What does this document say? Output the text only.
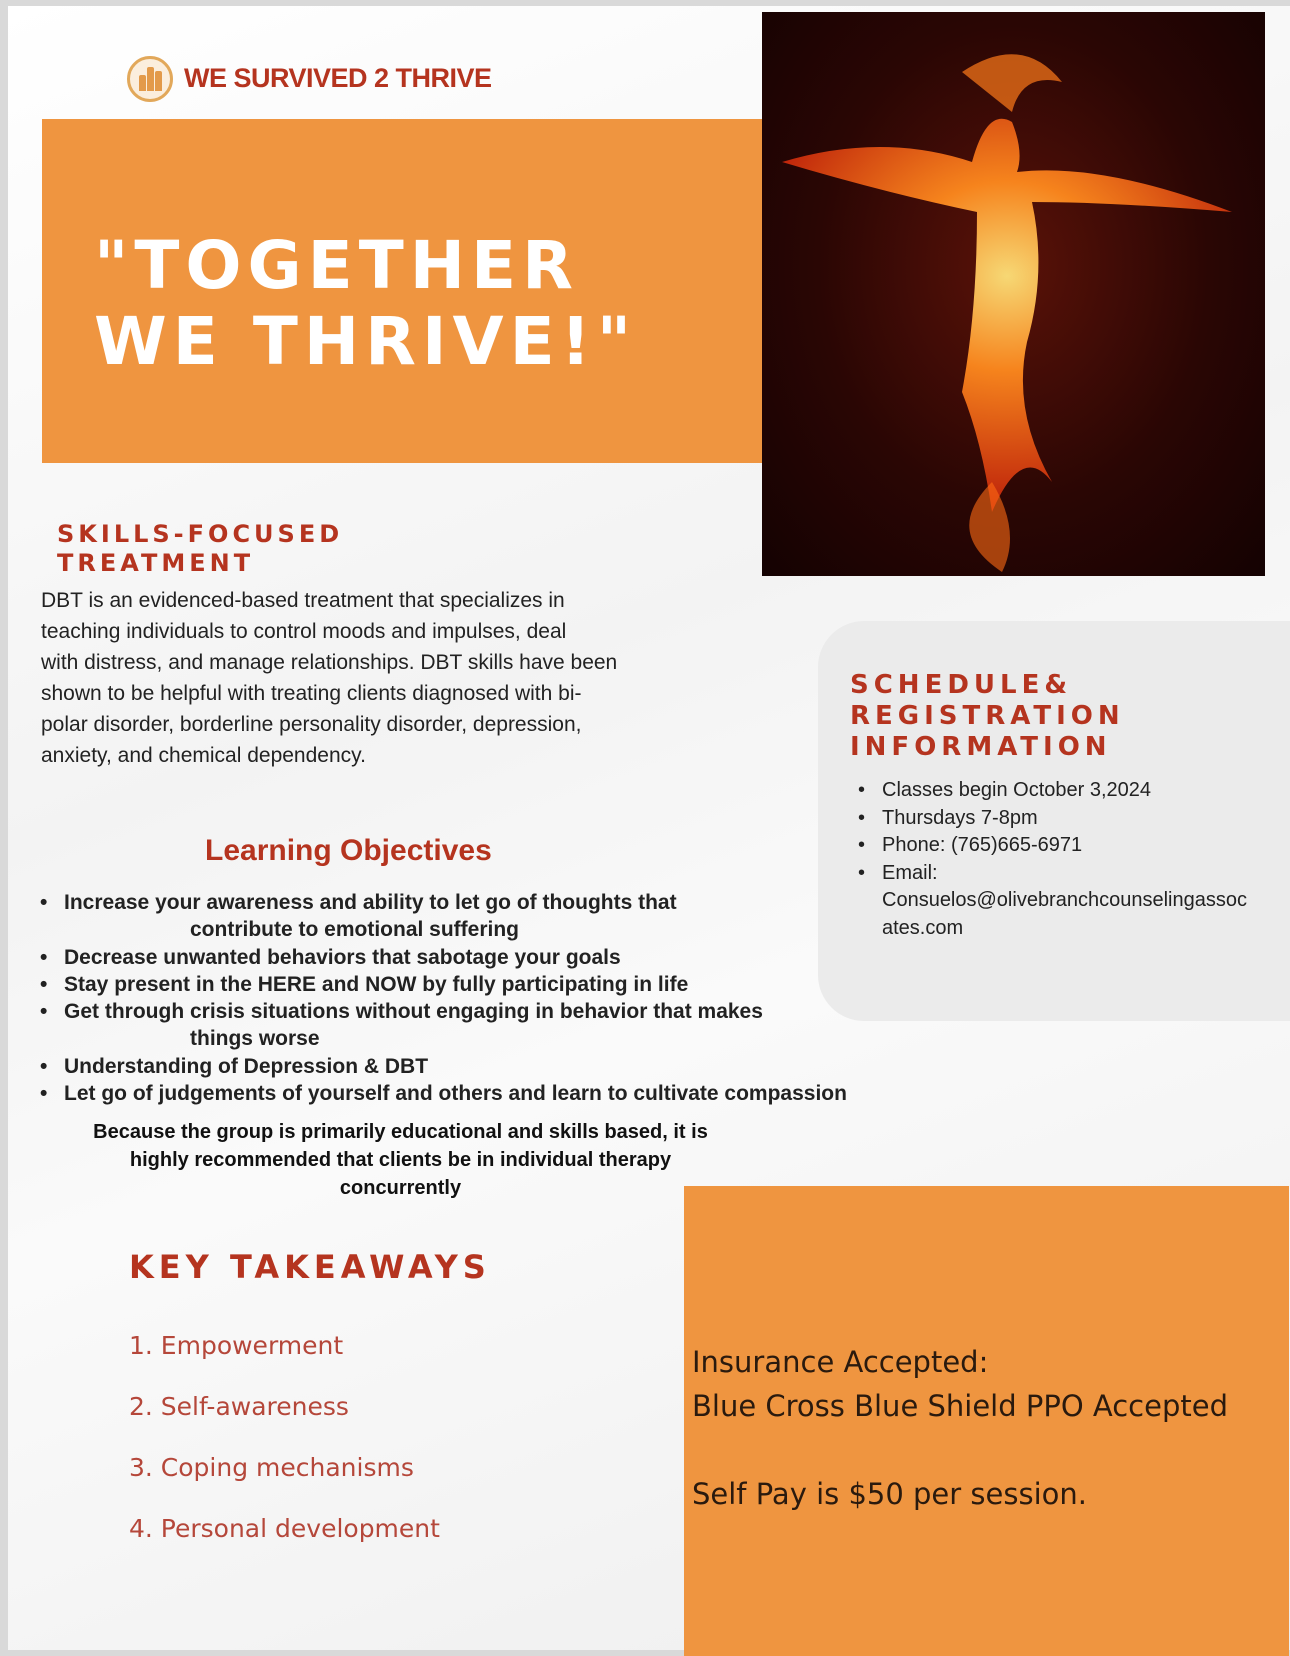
WE SURVIVED 2 THRIVE
"TOGETHER
WE THRIVE!"
SKILLS-FOCUSED
TREATMENT
DBT is an evidenced-based treatment that specializes in
teaching individuals to control moods and impulses, deal
with distress, and manage relationships. DBT skills have been
shown to be helpful with treating clients diagnosed with bi-
polar disorder, borderline personality disorder, depression,
anxiety, and chemical dependency.
Learning Objectives
• Increase your awareness and ability to let go of thoughts that
contribute to emotional suffering
• Decrease unwanted behaviors that sabotage your goals
• Stay present in the HERE and NOW by fully participating in life
• Get through crisis situations without engaging in behavior that makes
things worse
• Understanding of Depression & DBT
• Let go of judgements of yourself and others and learn to cultivate compassion
Because the group is primarily educational and skills based, it is
highly recommended that clients be in individual therapy
concurrently
KEY TAKEAWAYS
1. Empowerment
2. Self-awareness
3. Coping mechanisms
4. Personal development
SCHEDULE&
REGISTRATION
INFORMATION
• Classes begin October 3,2024
• Thursdays 7-8pm
• Phone: (765)665-6971
• Email:
Consuelos@olivebranchcounselingassoc
ates.com
Insurance Accepted:
Blue Cross Blue Shield PPO Accepted
Self Pay is $50 per session.
